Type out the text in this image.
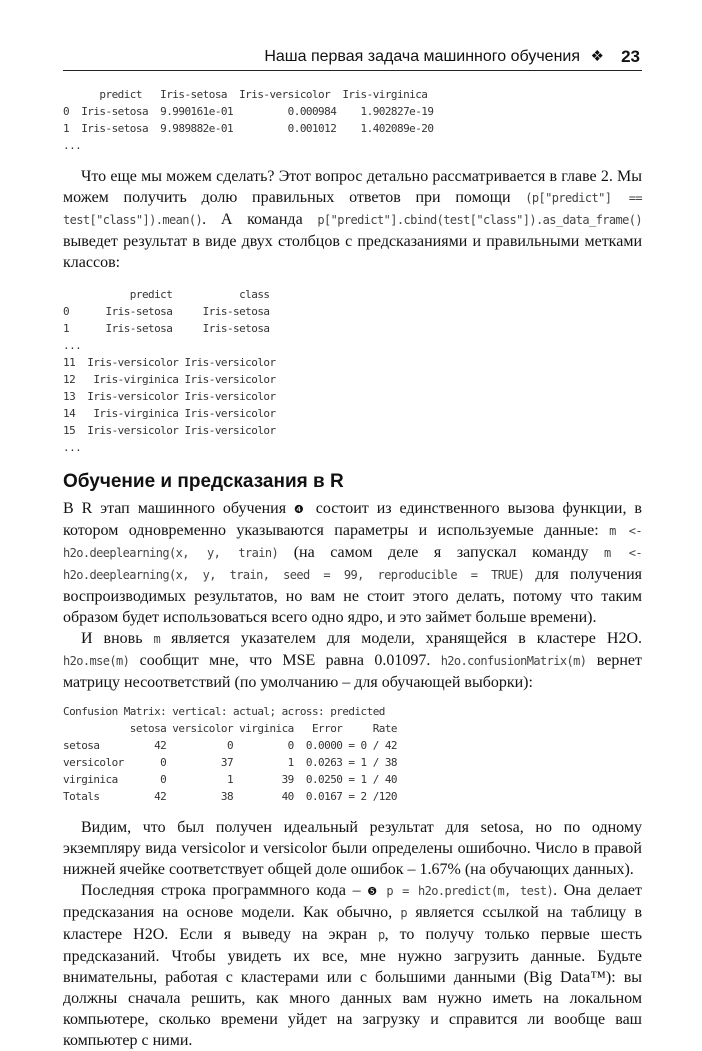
Наша первая задача машинного обучения ❖ 23
predict   Iris-setosa  Iris-versicolor  Iris-virginica
0  Iris-setosa  9.990161e-01         0.000984    1.902827e-19
1  Iris-setosa  9.989882e-01         0.001012    1.402089e-20
...

Что еще мы можем сделать? Этот вопрос детально рассматривается в главе 2. Мы можем получить долю правильных ответов при помощи (p["predict"] == test["class"]).mean(). А команда p["predict"].cbind(test["class"]).as_data_frame() выведет результат в виде двух столбцов с предсказаниями и правильными метками классов:

predict           class
0      Iris-setosa     Iris-setosa
1      Iris-setosa     Iris-setosa
...
11  Iris-versicolor Iris-versicolor
12   Iris-virginica Iris-versicolor
13  Iris-versicolor Iris-versicolor
14   Iris-virginica Iris-versicolor
15  Iris-versicolor Iris-versicolor
...
Обучение и предсказания в R

В R этап машинного обучения ❹ состоит из единственного вызова функции, в котором одновременно указываются параметры и используемые данные: m <- h2o.deeplearning(x, y, train) (на самом деле я запускал команду m <- h2o.deeplearning(x, y, train, seed = 99, reproducible = TRUE) для получения воспроизводимых результатов, но вам не стоит этого делать, потому что таким образом будет использоваться всего одно ядро, и это займет больше времени).

И вновь m является указателем для модели, хранящейся в кластере H2O. h2o.mse(m) сообщит мне, что MSE равна 0.01097. h2o.confusionMatrix(m) вернет матрицу несоответствий (по умолчанию – для обучающей выборки):

Confusion Matrix: vertical: actual; across: predicted
setosa versicolor virginica   Error     Rate
setosa         42          0         0  0.0000 = 0 / 42
versicolor      0         37         1  0.0263 = 1 / 38
virginica       0          1        39  0.0250 = 1 / 40
Totals         42         38        40  0.0167 = 2 /120

Видим, что был получен идеальный результат для setosa, но по одному экземпляру вида versicolor и versicolor были определены ошибочно. Число в правой нижней ячейке соответствует общей доле ошибок – 1.67% (на обучающих данных).

Последняя строка программного кода – ❺ p = h2o.predict(m, test). Она делает предсказания на основе модели. Как обычно, p является ссылкой на таблицу в кластере H2O. Если я выведу на экран p, то получу только первые шесть предсказаний. Чтобы увидеть их все, мне нужно загрузить данные. Будьте внимательны, работая с кластерами или с большими данными (Big Data™): вы должны сначала решить, как много данных вам нужно иметь на локальном компьютере, сколько времени уйдет на загрузку и справится ли вообще ваш компьютер с ними.
